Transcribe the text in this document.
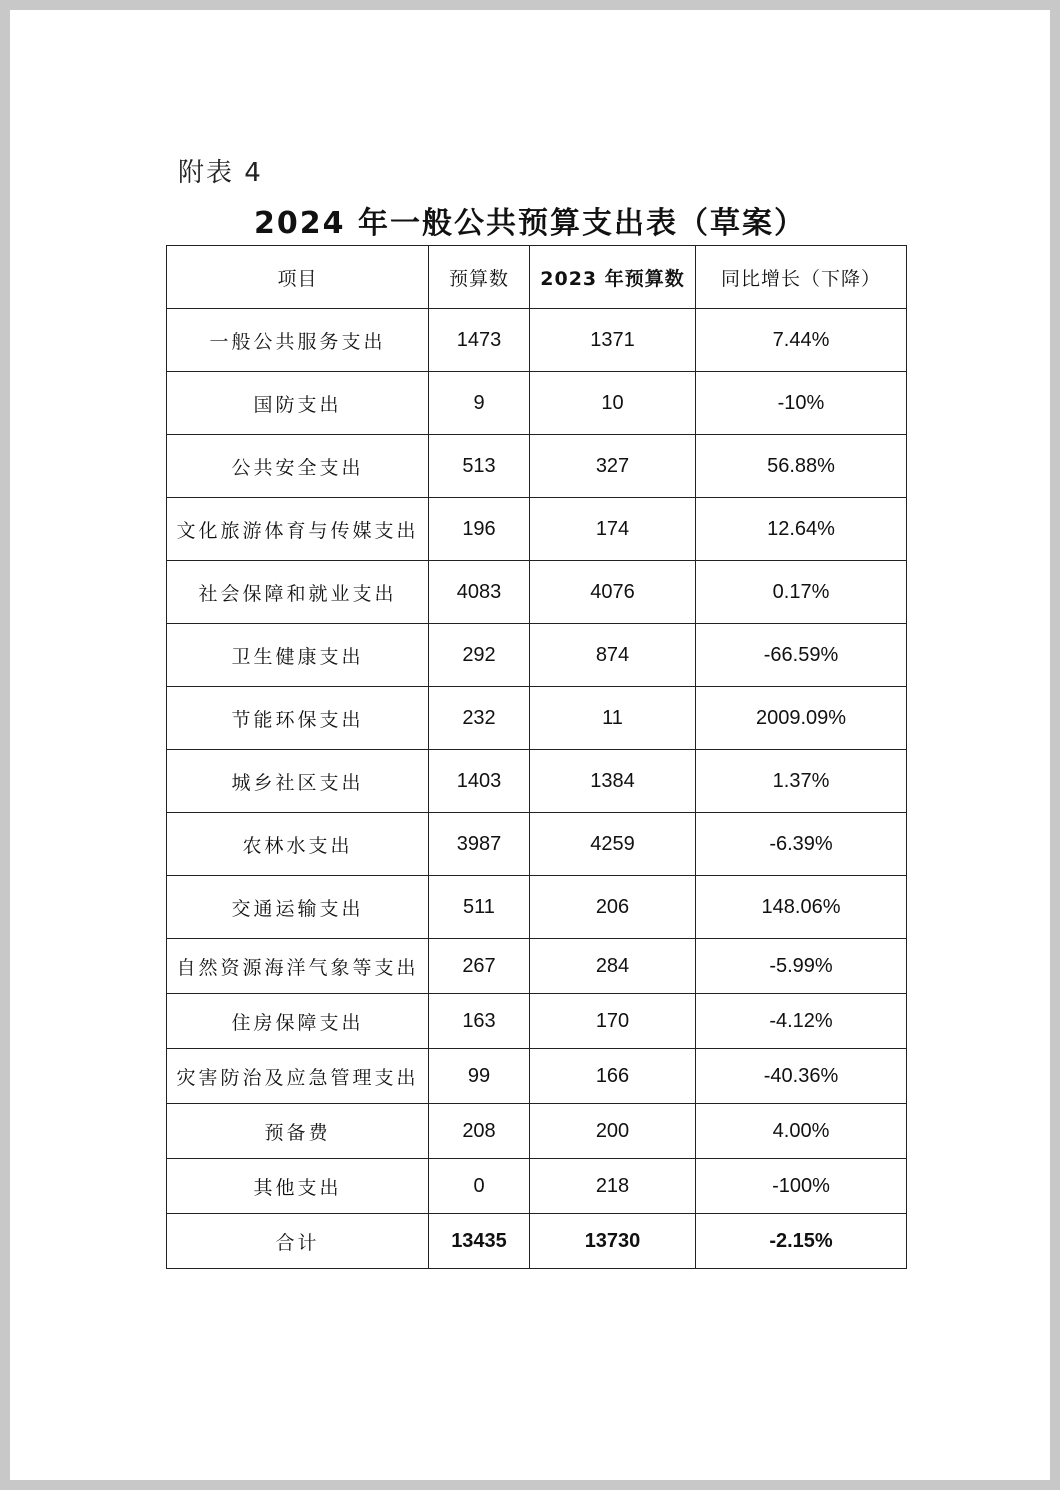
附表 4
2024 年一般公共预算支出表（草案）
项目	预算数	2023 年预算数	同比增长（下降）
一般公共服务支出	1473	1371	7.44%
国防支出	9	10	-10%
公共安全支出	513	327	56.88%
文化旅游体育与传媒支出	196	174	12.64%
社会保障和就业支出	4083	4076	0.17%
卫生健康支出	292	874	-66.59%
节能环保支出	232	11	2009.09%
城乡社区支出	1403	1384	1.37%
农林水支出	3987	4259	-6.39%
交通运输支出	511	206	148.06%
自然资源海洋气象等支出	267	284	-5.99%
住房保障支出	163	170	-4.12%
灾害防治及应急管理支出	99	166	-40.36%
预备费	208	200	4.00%
其他支出	0	218	-100%
合计	13435	13730	-2.15%
